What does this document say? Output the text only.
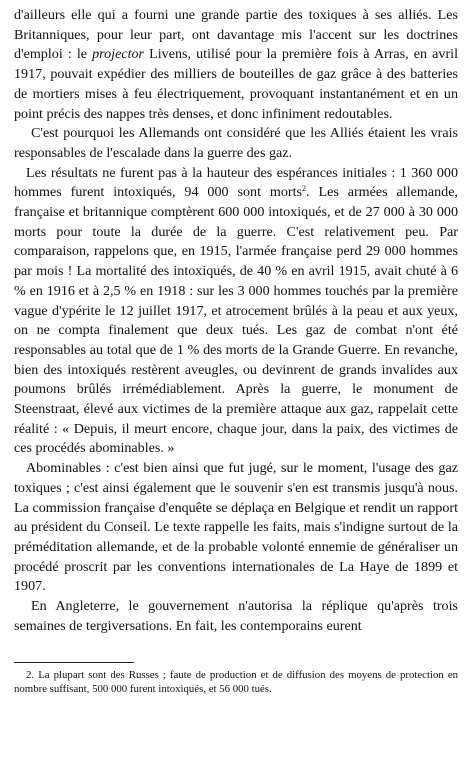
d'ailleurs elle qui a fourni une grande partie des toxiques à ses alliés. Les Britanniques, pour leur part, ont davantage mis l'accent sur les doctrines d'emploi : le projector Livens, utilisé pour la première fois à Arras, en avril 1917, pouvait expédier des milliers de bouteilles de gaz grâce à des batteries de mortiers mises à feu électriquement, provoquant instantanément et en un point précis des nappes très denses, et donc infiniment redoutables.

C'est pourquoi les Allemands ont considéré que les Alliés étaient les vrais responsables de l'escalade dans la guerre des gaz.

Les résultats ne furent pas à la hauteur des espérances initiales : 1 360 000 hommes furent intoxiqués, 94 000 sont morts$^2$. Les armées allemande, française et britannique comptèrent 600 000 intoxiqués, et de 27 000 à 30 000 morts pour toute la durée de la guerre. C'est relativement peu. Par comparaison, rappelons que, en 1915, l'armée française perd 29 000 hommes par mois ! La mortalité des intoxiqués, de 40 % en avril 1915, avait chuté à 6 % en 1916 et à 2,5 % en 1918 : sur les 3 000 hommes touchés par la première vague d'ypérite le 12 juillet 1917, et atrocement brûlés à la peau et aux yeux, on ne compta finalement que deux tués. Les gaz de combat n'ont été responsables au total que de 1 % des morts de la Grande Guerre. En revanche, bien des intoxiqués restèrent aveugles, ou devinrent de grands invalides aux poumons brûlés irrémédiablement. Après la guerre, le monument de Steenstraat, élevé aux victimes de la première attaque aux gaz, rappelait cette réalité : « Depuis, il meurt encore, chaque jour, dans la paix, des victimes de ces procédés abominables. »

Abominables : c'est bien ainsi que fut jugé, sur le moment, l'usage des gaz toxiques ; c'est ainsi également que le souvenir s'en est transmis jusqu'à nous. La commission française d'enquête se déplaça en Belgique et rendit un rapport au président du Conseil. Le texte rappelle les faits, mais s'indigne surtout de la préméditation allemande, et de la probable volonté ennemie de généraliser un procédé proscrit par les conventions internationales de La Haye de 1899 et 1907.

En Angleterre, le gouvernement n'autorisa la réplique qu'après trois semaines de tergiversations. En fait, les contemporains eurent

2. La plupart sont des Russes ; faute de production et de diffusion des moyens de protection en nombre suffisant, 500 000 furent intoxiqués, et 56 000 tués.
